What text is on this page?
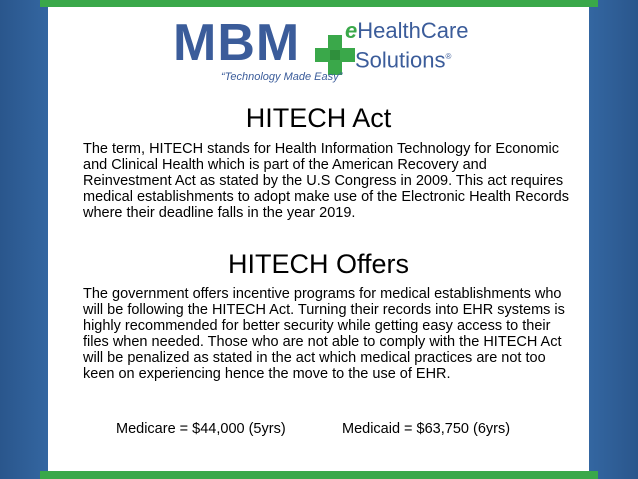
MBM eHealthCare
Solutions®
“Technology Made Easy”
HITECH Act
The term, HITECH stands for Health Information Technology for Economic and Clinical Health which is part of the American Recovery and Reinvestment Act as stated by the U.S Congress in 2009. This act requires medical establishments to adopt make use of the Electronic Health Records where their deadline falls in the year 2019.
HITECH Offers
The government offers incentive programs for medical establishments who will be following the HITECH Act. Turning their records into EHR systems is highly recommended for better security while getting easy access to their files when needed. Those who are not able to comply with the HITECH Act will be penalized as stated in the act which medical practices are not too keen on experiencing hence the move to the use of EHR.
Medicare = $44,000 (5yrs)	Medicaid = $63,750 (6yrs)
